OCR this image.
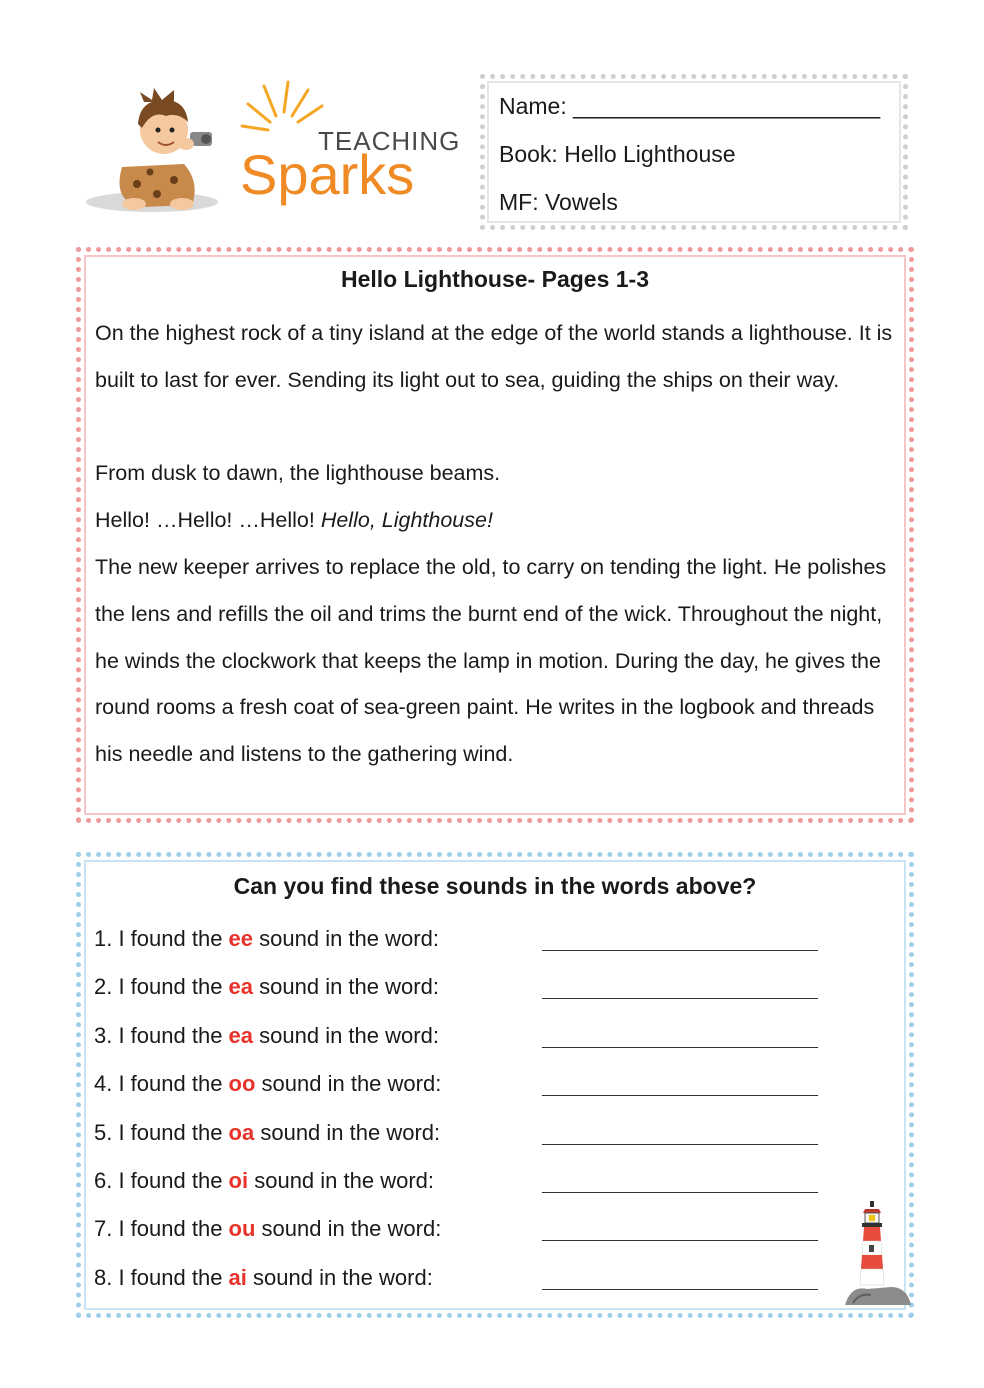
TEACHING
Sparks
Name: ________________________
Book: Hello Lighthouse
MF: Vowels
Hello Lighthouse- Pages 1-3
On the highest rock of a tiny island at the edge of the world stands a lighthouse. It is built to last for ever. Sending its light out to sea, guiding the ships on their way.
From dusk to dawn, the lighthouse beams.
Hello! …Hello! …Hello! Hello, Lighthouse!
The new keeper arrives to replace the old, to carry on tending the light. He polishes the lens and refills the oil and trims the burnt end of the wick. Throughout the night, he winds the clockwork that keeps the lamp in motion. During the day, he gives the round rooms a fresh coat of sea-green paint. He writes in the logbook and threads his needle and listens to the gathering wind.
Can you find these sounds in the words above?
1. I found the ee sound in the word:
2. I found the ea sound in the word:
3. I found the ea sound in the word:
4. I found the oo sound in the word:
5. I found the oa sound in the word:
6. I found the oi sound in the word:
7. I found the ou sound in the word:
8. I found the ai sound in the word:
